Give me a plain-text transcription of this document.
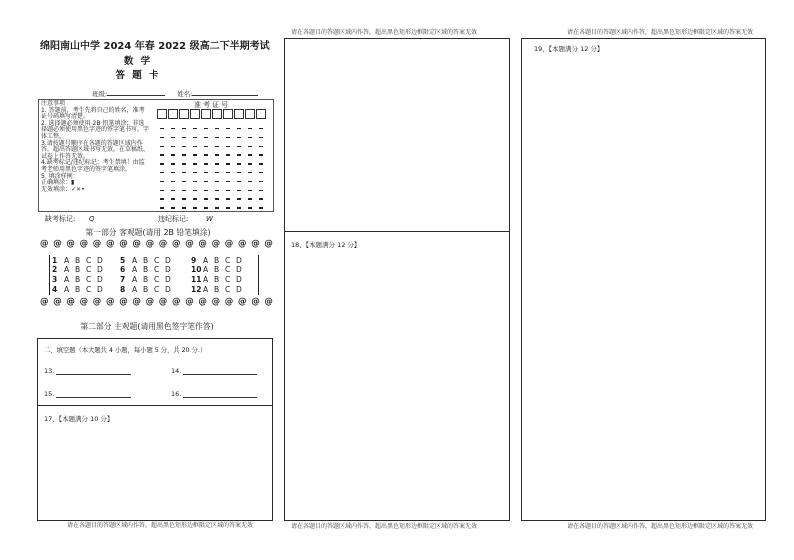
请在各题目的答题区域内作答，超出黑色矩形边框限定区域的答案无效	请在各题目的答题区域内作答，超出黑色矩形边框限定区域的答案无效
绵阳南山中学 2024 年春 2022 级高二下半期考试
数 学
答 题 卡
班级:	姓名:
注意事项
1. 答题前，考生先将自己的姓名，准考证号码填写清楚。
2. 选择题必须使用 2B 铅笔填涂；非选择题必须使用黑色字迹的签字笔书写，字体工整。
3.请按题号顺序在各题的答题区域内作答，超出答题区域书写无效，在草稿纸、试卷上作答无效。
4.缺考标记/违纪标记：考生禁填！由监考老师用黑色字迹的签字笔填涂。
5. 填涂样例：
正确填涂：▮
无效填涂：✓×•
准考证号
缺考标记: Q	违纪标记:	W
第一部分 客观题(请用 2B 铅笔填涂)
@ @ @ @ @ @ @ @ @ @ @ @ @ @ @ @ @ @
1 A B C D
2 A B C D
3 A B C D
4 A B C D
5 A B C D
6 A B C D
7 A B C D
8 A B C D
9 A B C D
10 A B C D
11 A B C D
12 A B C D
@ @ @ @ @ @ @ @ @ @ @ @ @ @ @ @ @ @
第二部分 主观题(请用黑色签字笔作答)
二、填空题（本大题共 4 小题，每小题 5 分，共 20 分.）
13.	14.
15.	16.
17、【本题满分 10 分】
请在各题目的答题区域内作答，超出黑色矩形边框限定区域的答案无效
18、【本题满分 12 分】
请在各题目的答题区域内作答，超出黑色矩形边框限定区域的答案无效
19、【本题满分 12 分】
请在各题目的答题区域内作答，超出黑色矩形边框限定区域的答案无效
